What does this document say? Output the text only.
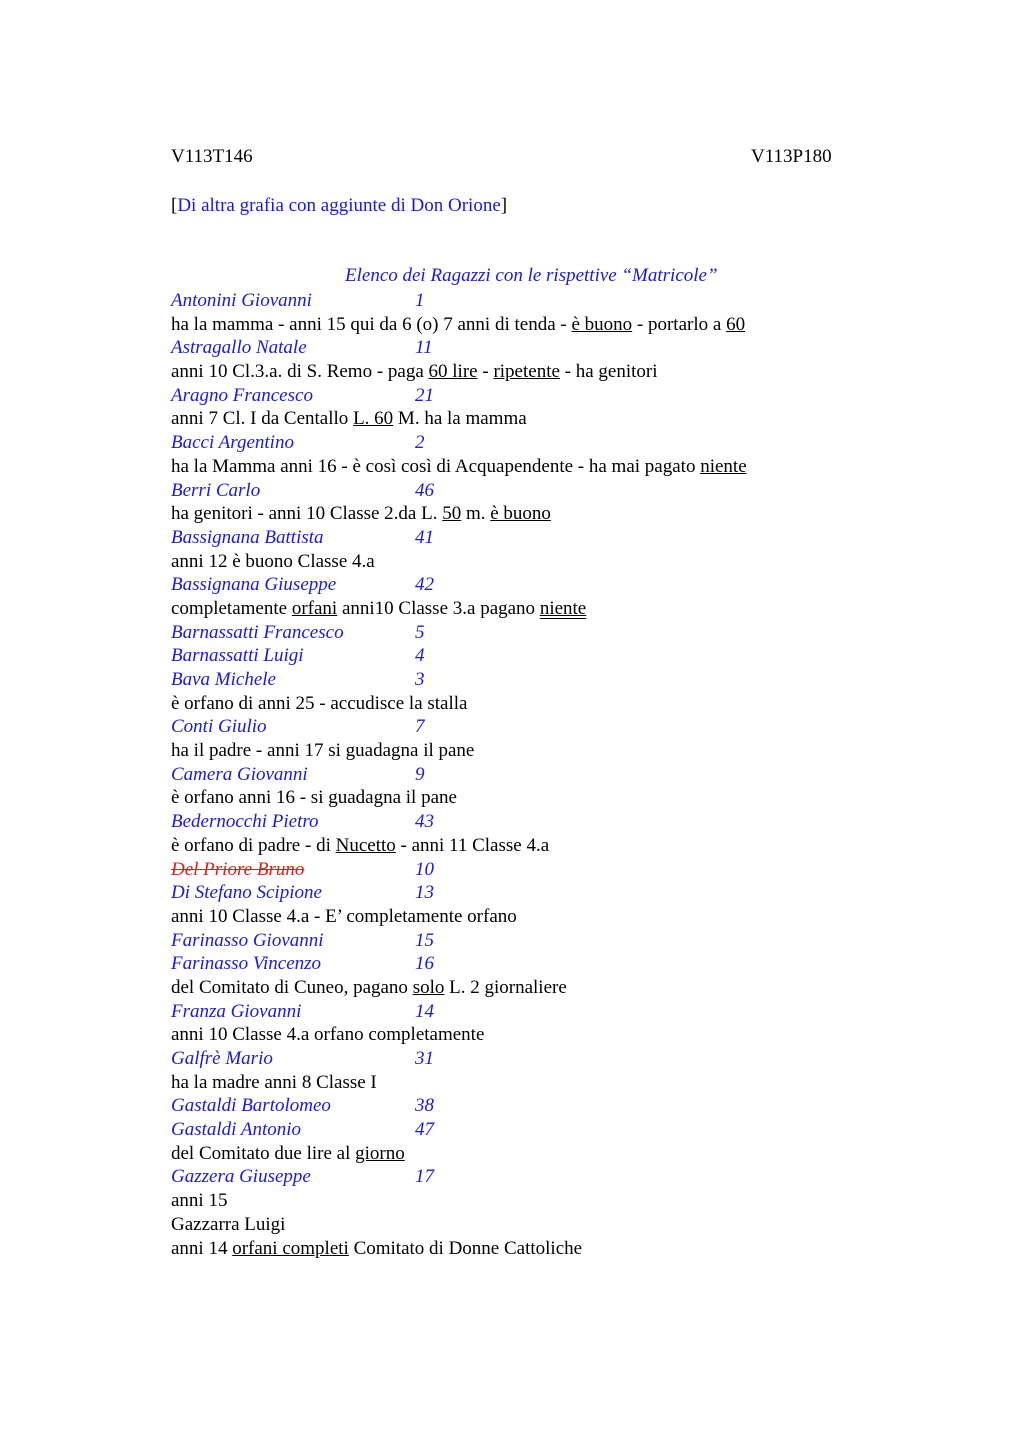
V113T146	V113P180
[Di altra grafia con aggiunte di Don Orione]
Elenco dei Ragazzi con le rispettive “Matricole”
Antonini Giovanni	1
ha la mamma - anni 15 qui da 6 (o) 7 anni di tenda - è buono - portarlo a 60
Astragallo Natale	11
anni 10 Cl.3.a. di S. Remo - paga 60 lire - ripetente - ha genitori
Aragno Francesco	21
anni 7 Cl. I da Centallo L. 60 M. ha la mamma
Bacci Argentino	2
ha la Mamma anni 16 - è così così di Acquapendente - ha mai pagato niente
Berri Carlo	46
ha genitori - anni 10 Classe 2.da L. 50 m. è buono
Bassignana Battista	41
anni 12 è buono Classe 4.a
Bassignana Giuseppe	42
completamente orfani anni10 Classe 3.a pagano niente
Barnassatti Francesco	5
Barnassatti Luigi	4
Bava Michele	3
è orfano di anni 25 - accudisce la stalla
Conti Giulio	7
ha il padre - anni 17 si guadagna il pane
Camera Giovanni	9
è orfano anni 16 - si guadagna il pane
Bedernocchi Pietro	43
è orfano di padre - di Nucetto - anni 11 Classe 4.a
Del Priore Bruno	10
Di Stefano Scipione	13
anni 10 Classe 4.a - E’ completamente orfano
Farinasso Giovanni	15
Farinasso Vincenzo	16
del Comitato di Cuneo, pagano solo L. 2 giornaliere
Franza Giovanni	14
anni 10 Classe 4.a orfano completamente
Galfrè Mario	31
ha la madre anni 8 Classe I
Gastaldi Bartolomeo	38
Gastaldi Antonio	47
del Comitato due lire al giorno
Gazzera Giuseppe	17
anni 15
Gazzarra Luigi
anni 14 orfani completi Comitato di Donne Cattoliche
